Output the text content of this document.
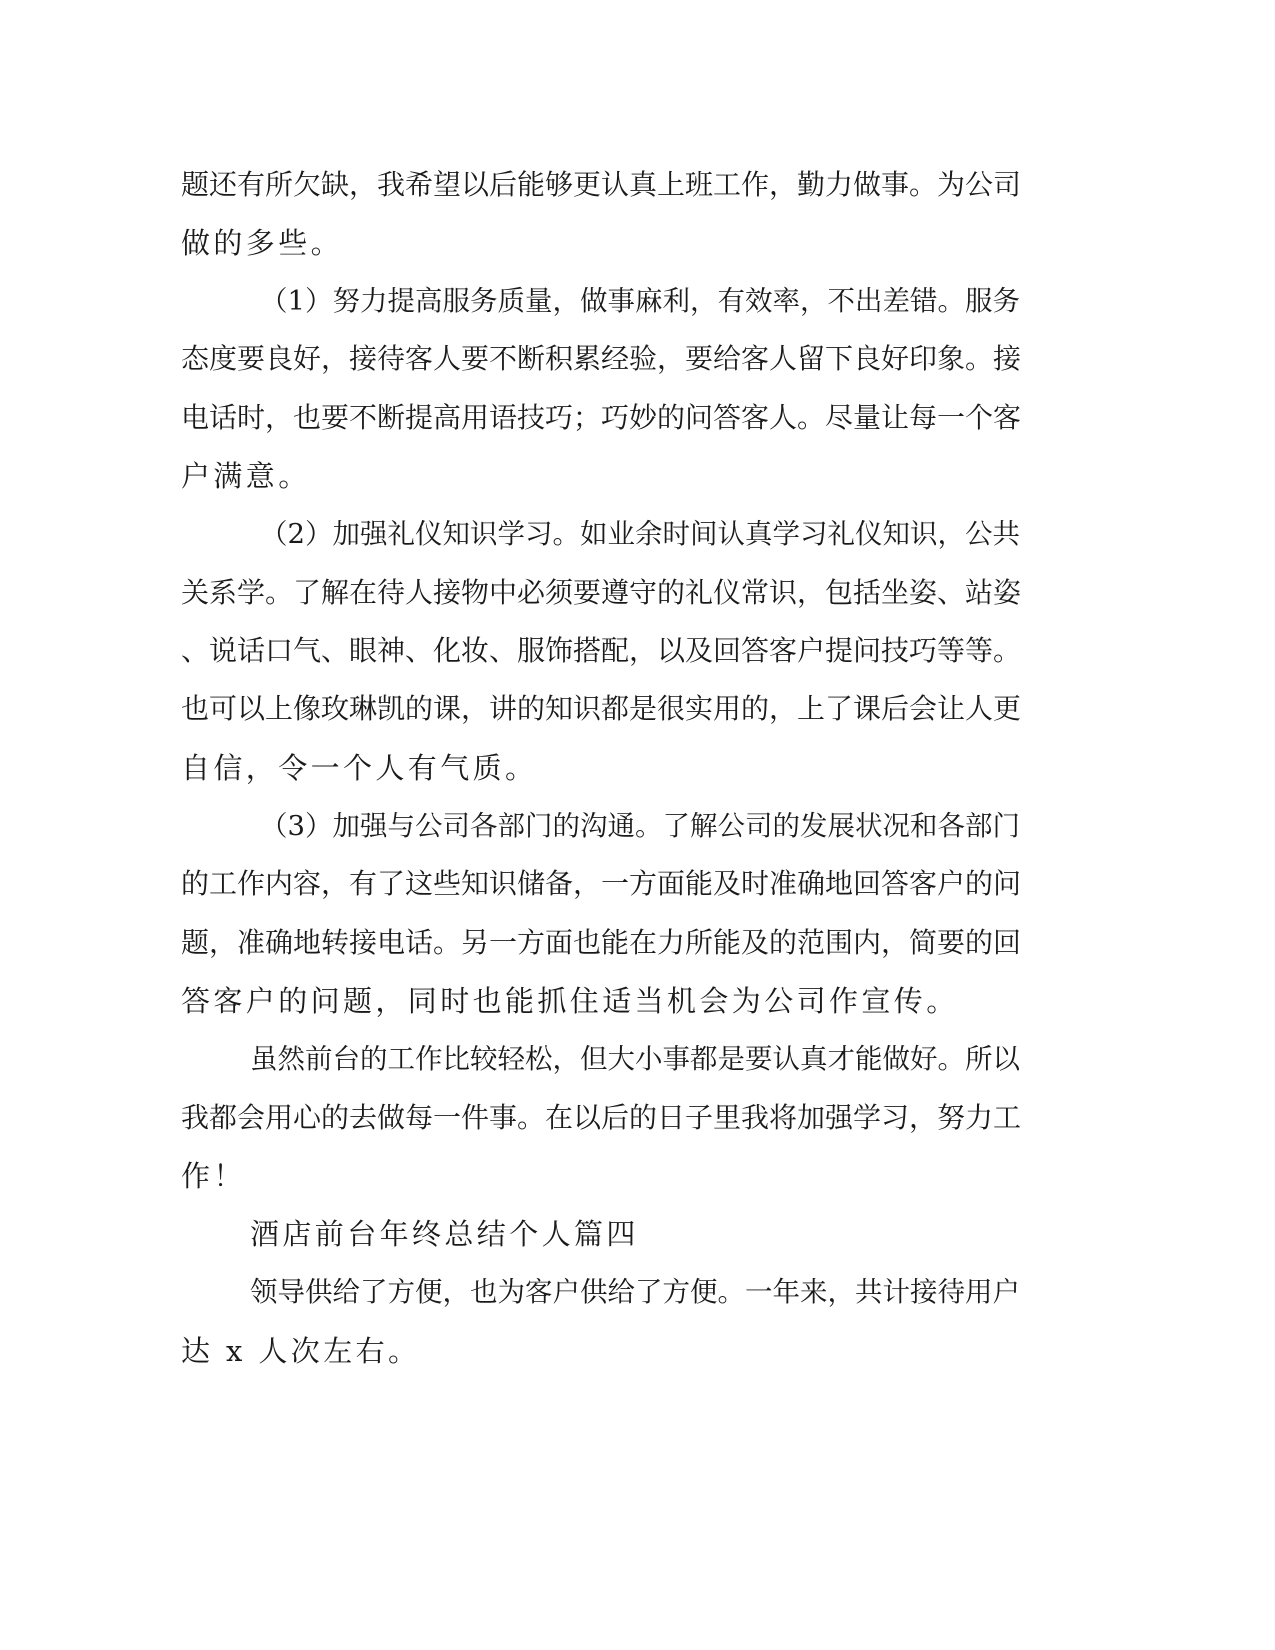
题还有所欠缺，我希望以后能够更认真上班工作，勤力做事。为公司
做的多些。
（1）努力提高服务质量，做事麻利，有效率，不出差错。服务
态度要良好，接待客人要不断积累经验，要给客人留下良好印象。接
电话时，也要不断提高用语技巧；巧妙的问答客人。尽量让每一个客
户满意。
（2）加强礼仪知识学习。如业余时间认真学习礼仪知识，公共
关系学。了解在待人接物中必须要遵守的礼仪常识，包括坐姿、站姿
、说话口气、眼神、化妆、服饰搭配，以及回答客户提问技巧等等。
也可以上像玫琳凯的课，讲的知识都是很实用的，上了课后会让人更
自信，令一个人有气质。
（3）加强与公司各部门的沟通。了解公司的发展状况和各部门
的工作内容，有了这些知识储备，一方面能及时准确地回答客户的问
题，准确地转接电话。另一方面也能在力所能及的范围内，简要的回
答客户的问题，同时也能抓住适当机会为公司作宣传。
虽然前台的工作比较轻松，但大小事都是要认真才能做好。所以
我都会用心的去做每一件事。在以后的日子里我将加强学习，努力工
作！
酒店前台年终总结个人篇四
领导供给了方便，也为客户供给了方便。一年来，共计接待用户
达 x 人次左右。
